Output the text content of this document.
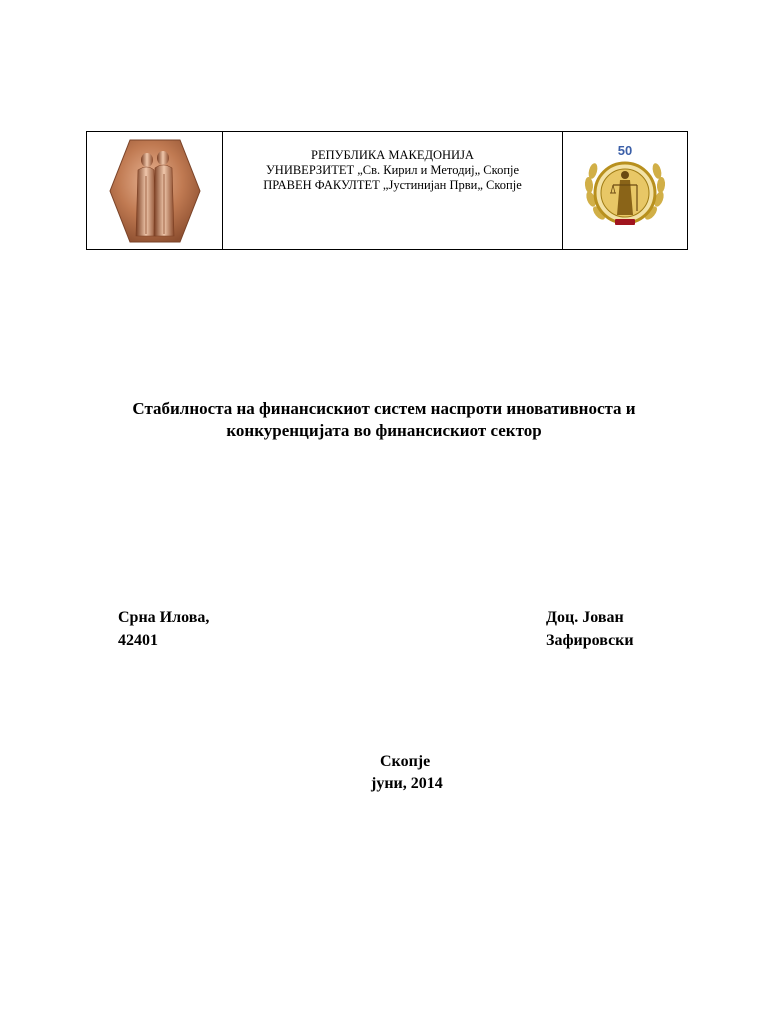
РЕПУБЛИКА МАКЕДОНИЈА
УНИВЕРЗИТЕТ „Св. Кирил и Методиј„ Скопје
ПРАВЕН ФАКУЛТЕТ „Јустинијан Први„ Скопје

50
Стабилноста на финансискиот систем наспроти иновативноста и
конкуренцијата во финансискиот сектор
Срна Илова,
42401
Доц. Јован
Зафировски
Скопје
јуни, 2014
